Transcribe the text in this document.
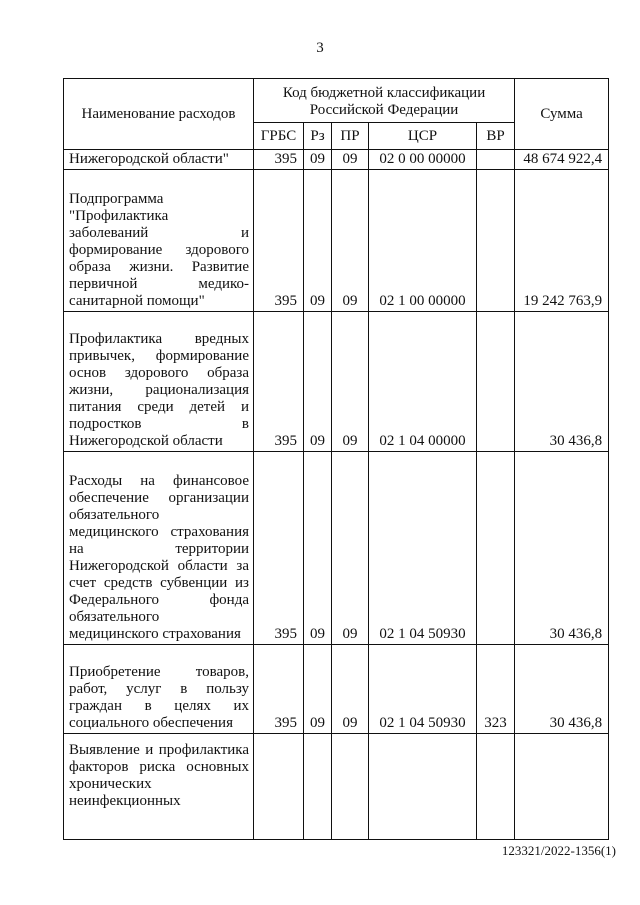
3
Наименование расходов	Код бюджетной классификации Российской Федерации					Сумма
	ГРБС	Рз	ПР	ЦСР	ВР	
Нижегородской области"	395	09	09	02 0 00 00000		48 674 922,4
Подпрограмма "Профилактика заболеваний и формирование здорового образа жизни. Развитие первичной медико-санитарной помощи"	395	09	09	02 1 00 00000		19 242 763,9
Профилактика вредных привычек, формирование основ здорового образа жизни, рационализация питания среди детей и подростков в Нижегородской области	395	09	09	02 1 04 00000		30 436,8
Расходы на финансовое обеспечение организации обязательного медицинского страхования на территории Нижегородской области за счет средств субвенции из Федерального фонда обязательного медицинского страхования	395	09	09	02 1 04 50930		30 436,8
Приобретение товаров, работ, услуг в пользу граждан в целях их социального обеспечения	395	09	09	02 1 04 50930	323	30 436,8
Выявление и профилактика факторов риска основных хронических неинфекционных						
123321/2022-1356(1)
